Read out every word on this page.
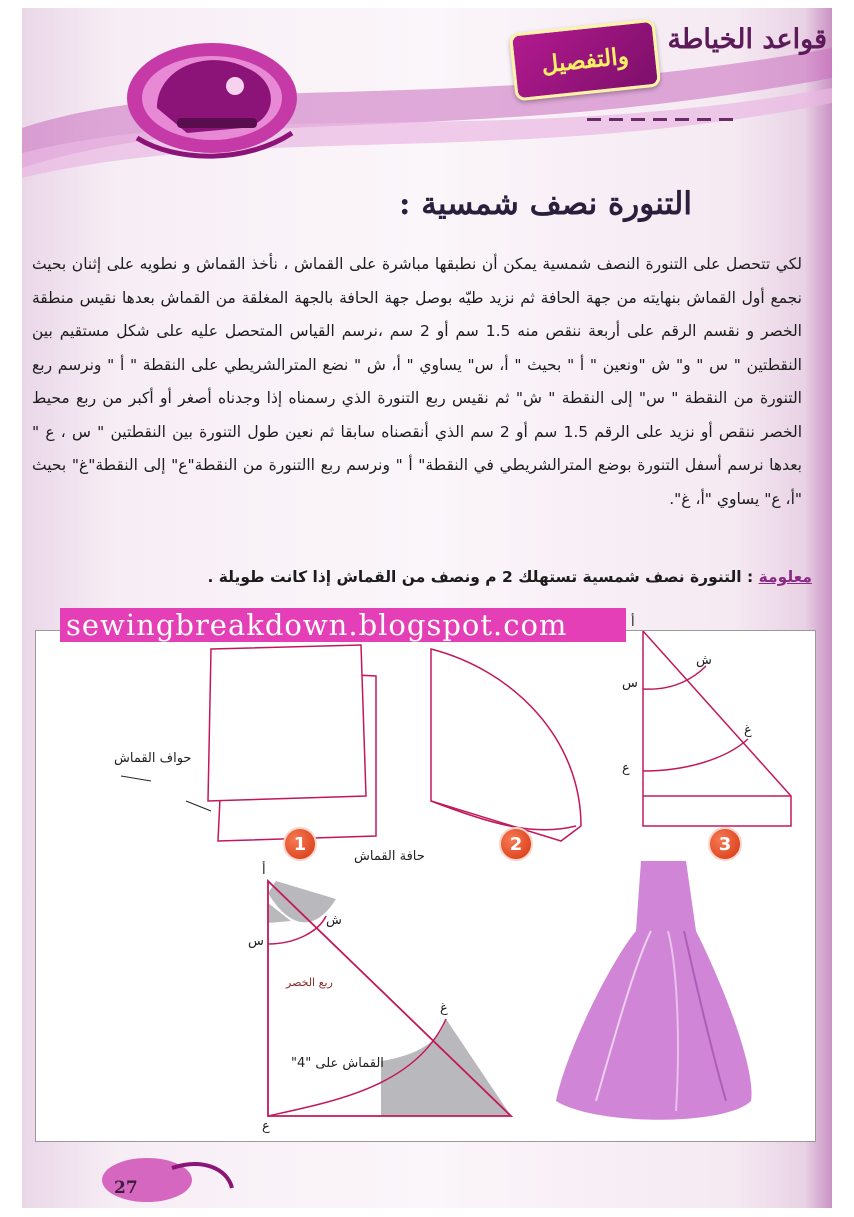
قواعد الخياطة
والتفصيل
التنورة نصف شمسية :
لكي تتحصل على التنورة النصف شمسية يمكن أن نطبقها مباشرة على القماش ، نأخذ القماش و نطويه على إثنان بحيث نجمع أول القماش بنهايته من جهة الحافة ثم نزيد طيّه بوصل جهة الحافة بالجهة المغلقة من القماش بعدها نقيس منطقة الخصر و نقسم الرقم على أربعة ننقص منه 1.5 سم أو 2 سم ،نرسم القياس المتحصل عليه على شكل مستقيم بين النقطتين " س " و" ش "ونعين " أ " بحيث " أ، س" يساوي " أ، ش " نضع المترالشريطي على النقطة " أ " ونرسم ربع التنورة من النقطة " س" إلى النقطة " ش" ثم نقيس ربع التنورة الذي رسمناه إذا وجدناه أصغر أو أكبر من ربع محيط الخصر ننقص أو نزيد على الرقم 1.5 سم أو 2 سم الذي أنقصناه سابقا ثم نعين طول التنورة بين النقطتين " س ، ع " بعدها نرسم أسفل التنورة بوضع المترالشريطي في النقطة" أ " ونرسم ربع االتنورة من النقطة"ع" إلى النقطة"غ" بحيث "أ، ع" يساوي "أ، غ".
معلومة : التنورة نصف شمسية تستهلك 2 م ونصف من القماش إذا كانت طويلة .
حواف القماش
حافة القماش
1	2	3
أ
س
ش
غ
ع
أ
س
ش
غ
ع
ربع الخصر
القماش على "4"
sewingbreakdown.blogspot.com
27
